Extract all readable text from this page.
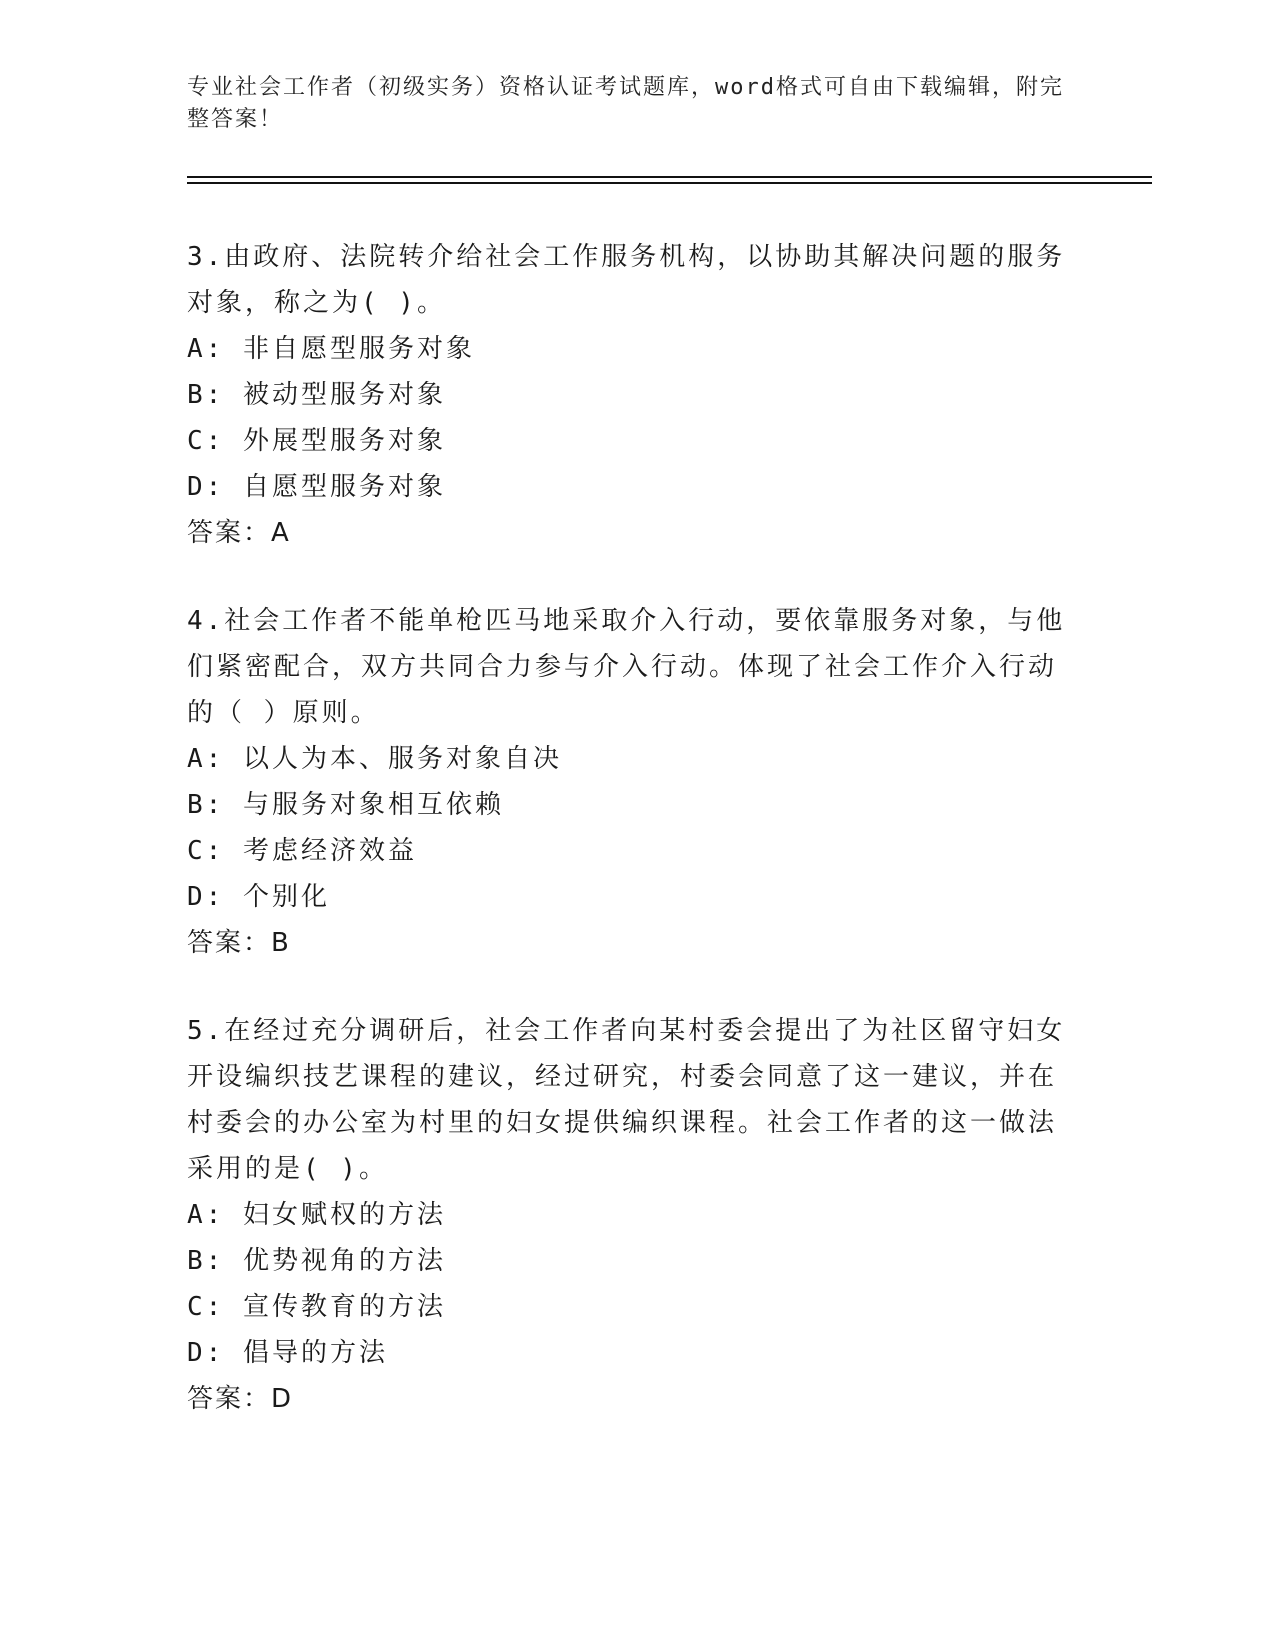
专业社会工作者（初级实务）资格认证考试题库，word格式可自由下载编辑，附完整答案！
3.由政府、法院转介给社会工作服务机构，以协助其解决问题的服务对象，称之为( )。
A: 非自愿型服务对象
B: 被动型服务对象
C: 外展型服务对象
D: 自愿型服务对象
答案：A
4.社会工作者不能单枪匹马地采取介入行动，要依靠服务对象，与他们紧密配合，双方共同合力参与介入行动。体现了社会工作介入行动的（ ）原则。
A: 以人为本、服务对象自决
B: 与服务对象相互依赖
C: 考虑经济效益
D: 个别化
答案：B
5.在经过充分调研后，社会工作者向某村委会提出了为社区留守妇女开设编织技艺课程的建议，经过研究，村委会同意了这一建议，并在村委会的办公室为村里的妇女提供编织课程。社会工作者的这一做法采用的是( )。
A: 妇女赋权的方法
B: 优势视角的方法
C: 宣传教育的方法
D: 倡导的方法
答案：D
